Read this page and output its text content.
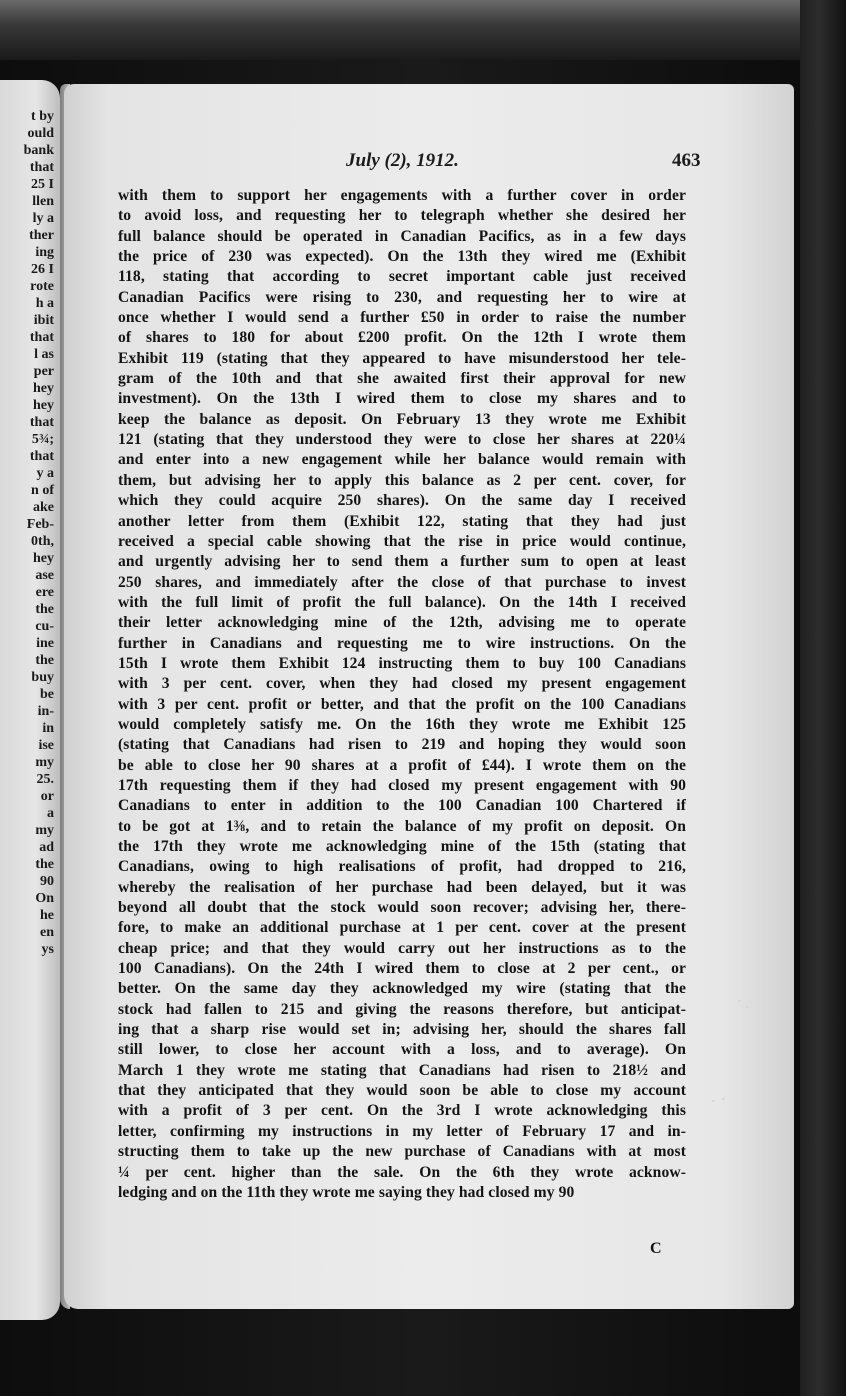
t by
ould
bank
that
25 I
llen
ly a
ther
ing
26 I
rote
h a
ibit
that
l as
per
hey
hey
that
5¾;
that
y a
n of
ake
Feb-
0th,
hey
ase
ere
the
cu-
ine
the
buy
be
in-
in
ise
my
25.
or
a
my
ad
the
90
On
he
en
ys
July (2), 1912.	463
with them to support her engagements with a further cover in order
to avoid loss, and requesting her to telegraph whether she desired her
full balance should be operated in Canadian Pacifics, as in a few days
the price of 230 was expected). On the 13th they wired me (Exhibit
118, stating that according to secret important cable just received
Canadian Pacifics were rising to 230, and requesting her to wire at
once whether I would send a further £50 in order to raise the number
of shares to 180 for about £200 profit. On the 12th I wrote them
Exhibit 119 (stating that they appeared to have misunderstood her tele-
gram of the 10th and that she awaited first their approval for new
investment). On the 13th I wired them to close my shares and to
keep the balance as deposit. On February 13 they wrote me Exhibit
121 (stating that they understood they were to close her shares at 220¼
and enter into a new engagement while her balance would remain with
them, but advising her to apply this balance as 2 per cent. cover, for
which they could acquire 250 shares). On the same day I received
another letter from them (Exhibit 122, stating that they had just
received a special cable showing that the rise in price would continue,
and urgently advising her to send them a further sum to open at least
250 shares, and immediately after the close of that purchase to invest
with the full limit of profit the full balance). On the 14th I received
their letter acknowledging mine of the 12th, advising me to operate
further in Canadians and requesting me to wire instructions. On the
15th I wrote them Exhibit 124 instructing them to buy 100 Canadians
with 3 per cent. cover, when they had closed my present engagement
with 3 per cent. profit or better, and that the profit on the 100 Canadians
would completely satisfy me. On the 16th they wrote me Exhibit 125
(stating that Canadians had risen to 219 and hoping they would soon
be able to close her 90 shares at a profit of £44). I wrote them on the
17th requesting them if they had closed my present engagement with 90
Canadians to enter in addition to the 100 Canadian 100 Chartered if
to be got at 1⅜, and to retain the balance of my profit on deposit. On
the 17th they wrote me acknowledging mine of the 15th (stating that
Canadians, owing to high realisations of profit, had dropped to 216,
whereby the realisation of her purchase had been delayed, but it was
beyond all doubt that the stock would soon recover; advising her, there-
fore, to make an additional purchase at 1 per cent. cover at the present
cheap price; and that they would carry out her instructions as to the
100 Canadians). On the 24th I wired them to close at 2 per cent., or
better. On the same day they acknowledged my wire (stating that the
stock had fallen to 215 and giving the reasons therefore, but anticipat-
ing that a sharp rise would set in; advising her, should the shares fall
still lower, to close her account with a loss, and to average). On
March 1 they wrote me stating that Canadians had risen to 218½ and
that they anticipated that they would soon be able to close my account
with a profit of 3 per cent. On the 3rd I wrote acknowledging this
letter, confirming my instructions in my letter of February 17 and in-
structing them to take up the new purchase of Canadians with at most
¼ per cent. higher than the sale. On the 6th they wrote acknow-
ledging and on the 11th they wrote me saying they had closed my 90
C
